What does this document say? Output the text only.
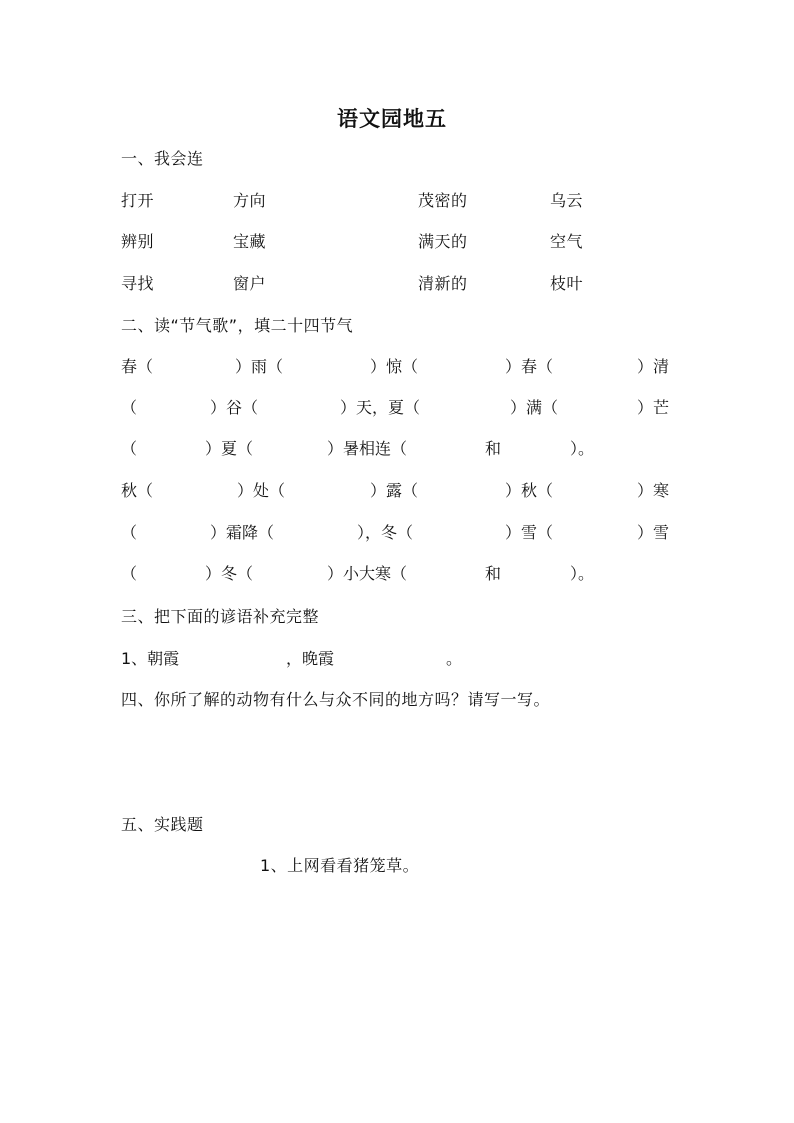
语文园地五
一、我会连
打开	方向	茂密的	乌云
辨别	宝藏	满天的	空气
寻找	窗户	清新的	枝叶
二、读“节气歌”，填二十四节气
春（	）雨（	）惊（	）春（	）清
（	）谷（	）天，夏（	）满（	）芒
（	）夏（	）暑相连（	和	）。
秋（	）处（	）露（	）秋（	）寒
（	）霜降（	），冬（	）雪（	）雪
（	）冬（	）小大寒（	和	）。
三、把下面的谚语补充完整
1、朝霞	，晚霞	。
四、你所了解的动物有什么与众不同的地方吗？请写一写。
五、实践题
1、上网看看猪笼草。
